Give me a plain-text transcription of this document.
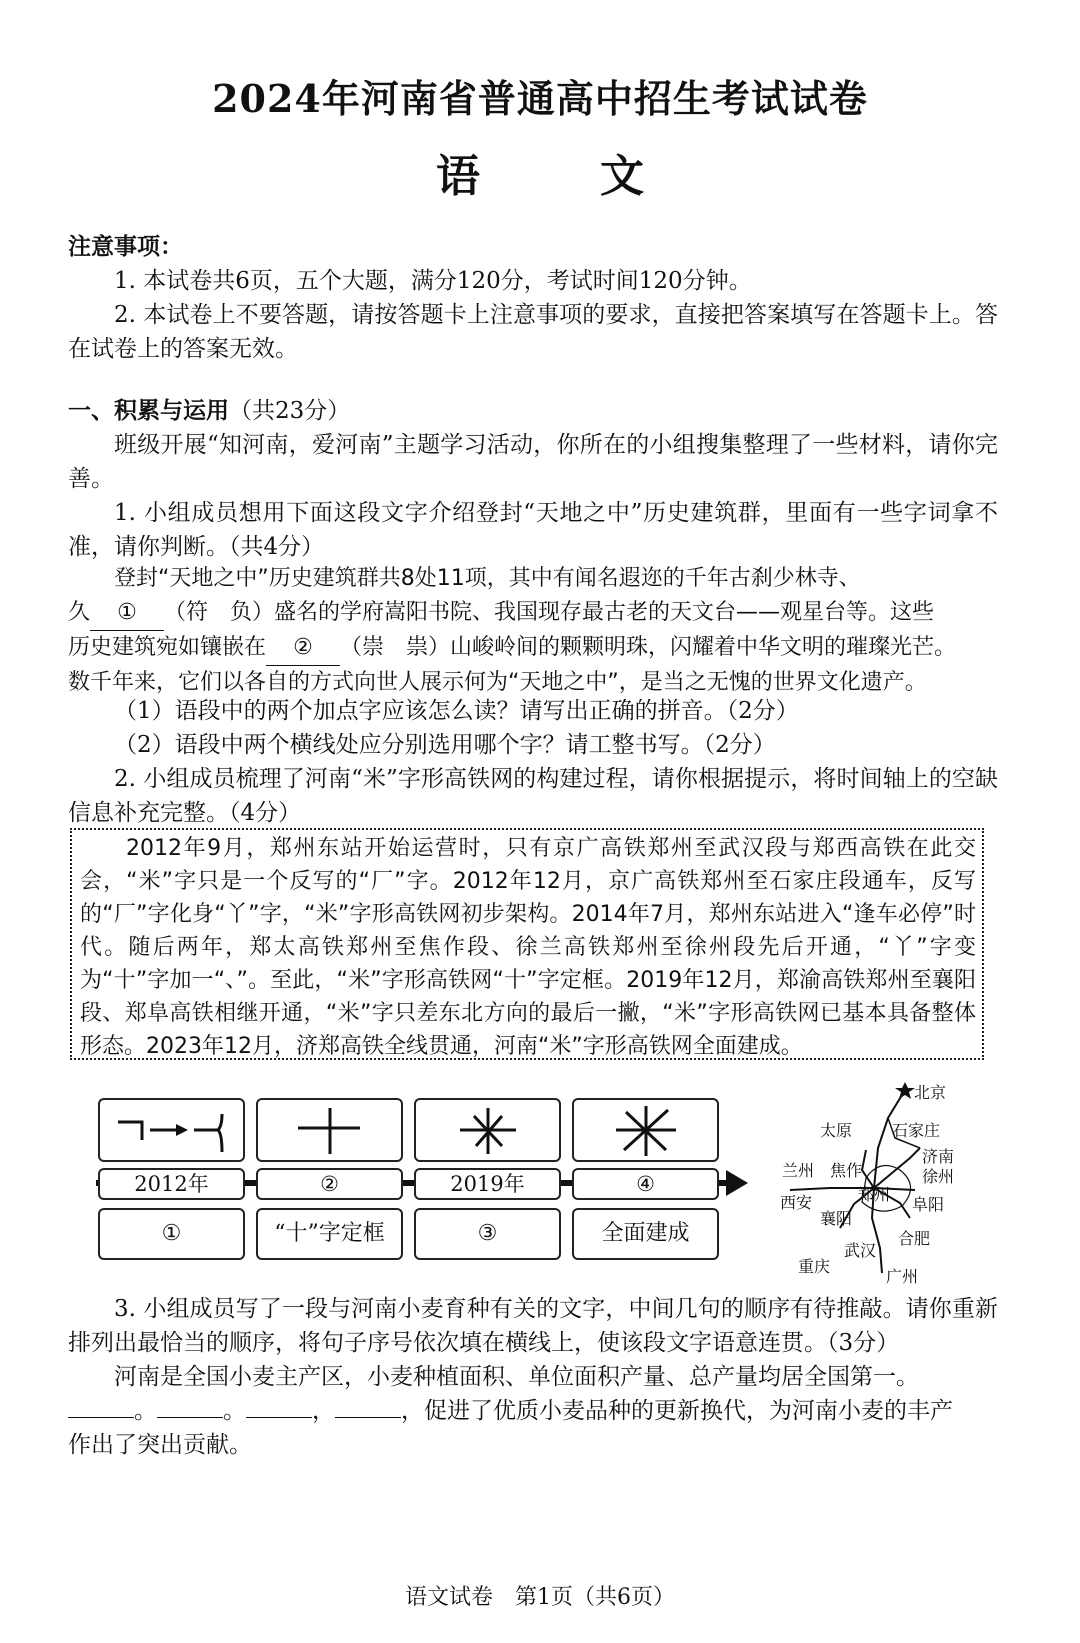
2024年河南省普通高中招生考试试卷
语文
注意事项：
1. 本试卷共6页，五个大题，满分120分，考试时间120分钟。
2. 本试卷上不要答题，请按答题卡上注意事项的要求，直接把答案填写在答题卡上。答在试卷上的答案无效。
一、积累与运用（共23分）
班级开展“知河南，爱河南”主题学习活动，你所在的小组搜集整理了一些材料，请你完善。
1. 小组成员想用下面这段文字介绍登封“天地之中”历史建筑群，里面有一些字词拿不准，请你判断。（共4分）
登封“天地之中”历史建筑群共8处11项，其中有闻名遐迩的千年古刹少林寺、
久 ① （符　负）盛名的学府嵩阳书院、我国现存最古老的天文台——观星台等。这些
历史建筑宛如镶嵌在 ② （崇　祟）山峻岭间的颗颗明珠，闪耀着中华文明的璀璨光芒。
数千年来，它们以各自的方式向世人展示何为“天地之中”，是当之无愧的世界文化遗产。
（1）语段中的两个加点字应该怎么读？请写出正确的拼音。（2分）
（2）语段中两个横线处应分别选用哪个字？请工整书写。（2分）
2. 小组成员梳理了河南“米”字形高铁网的构建过程，请你根据提示，将时间轴上的空缺信息补充完整。（4分）
2012年9月，郑州东站开始运营时，只有京广高铁郑州至武汉段与郑西高铁在此交会，“米”字只是一个反写的“厂”字。2012年12月，京广高铁郑州至石家庄段通车，反写的“厂”字化身“丫”字，“米”字形高铁网初步架构。2014年7月，郑州东站进入“逢车必停”时代。随后两年，郑太高铁郑州至焦作段、徐兰高铁郑州至徐州段先后开通，“丫”字变为“十”字加一“、”。至此，“米”字形高铁网“十”字定框。2019年12月，郑渝高铁郑州至襄阳段、郑阜高铁相继开通，“米”字只差东北方向的最后一撇，“米”字形高铁网已基本具备整体形态。2023年12月，济郑高铁全线贯通，河南“米”字形高铁网全面建成。
2012年	②	2019年	④
①	“十”字定框	③	全面建成
北京
太原 石家庄
济南
兰州 焦作	徐州
西安	郑州
阜阳
襄阳
合肥
武汉
重庆
广州
3. 小组成员写了一段与河南小麦育种有关的文字，中间几句的顺序有待推敲。请你重新排列出最恰当的顺序，将句子序号依次填在横线上，使该段文字语意连贯。（3分）
河南是全国小麦主产区，小麦种植面积、单位面积产量、总产量均居全国第一。
。	。	，	，促进了优质小麦品种的更新换代，为河南小麦的丰产
作出了突出贡献。
语文试卷　第1页（共6页）
